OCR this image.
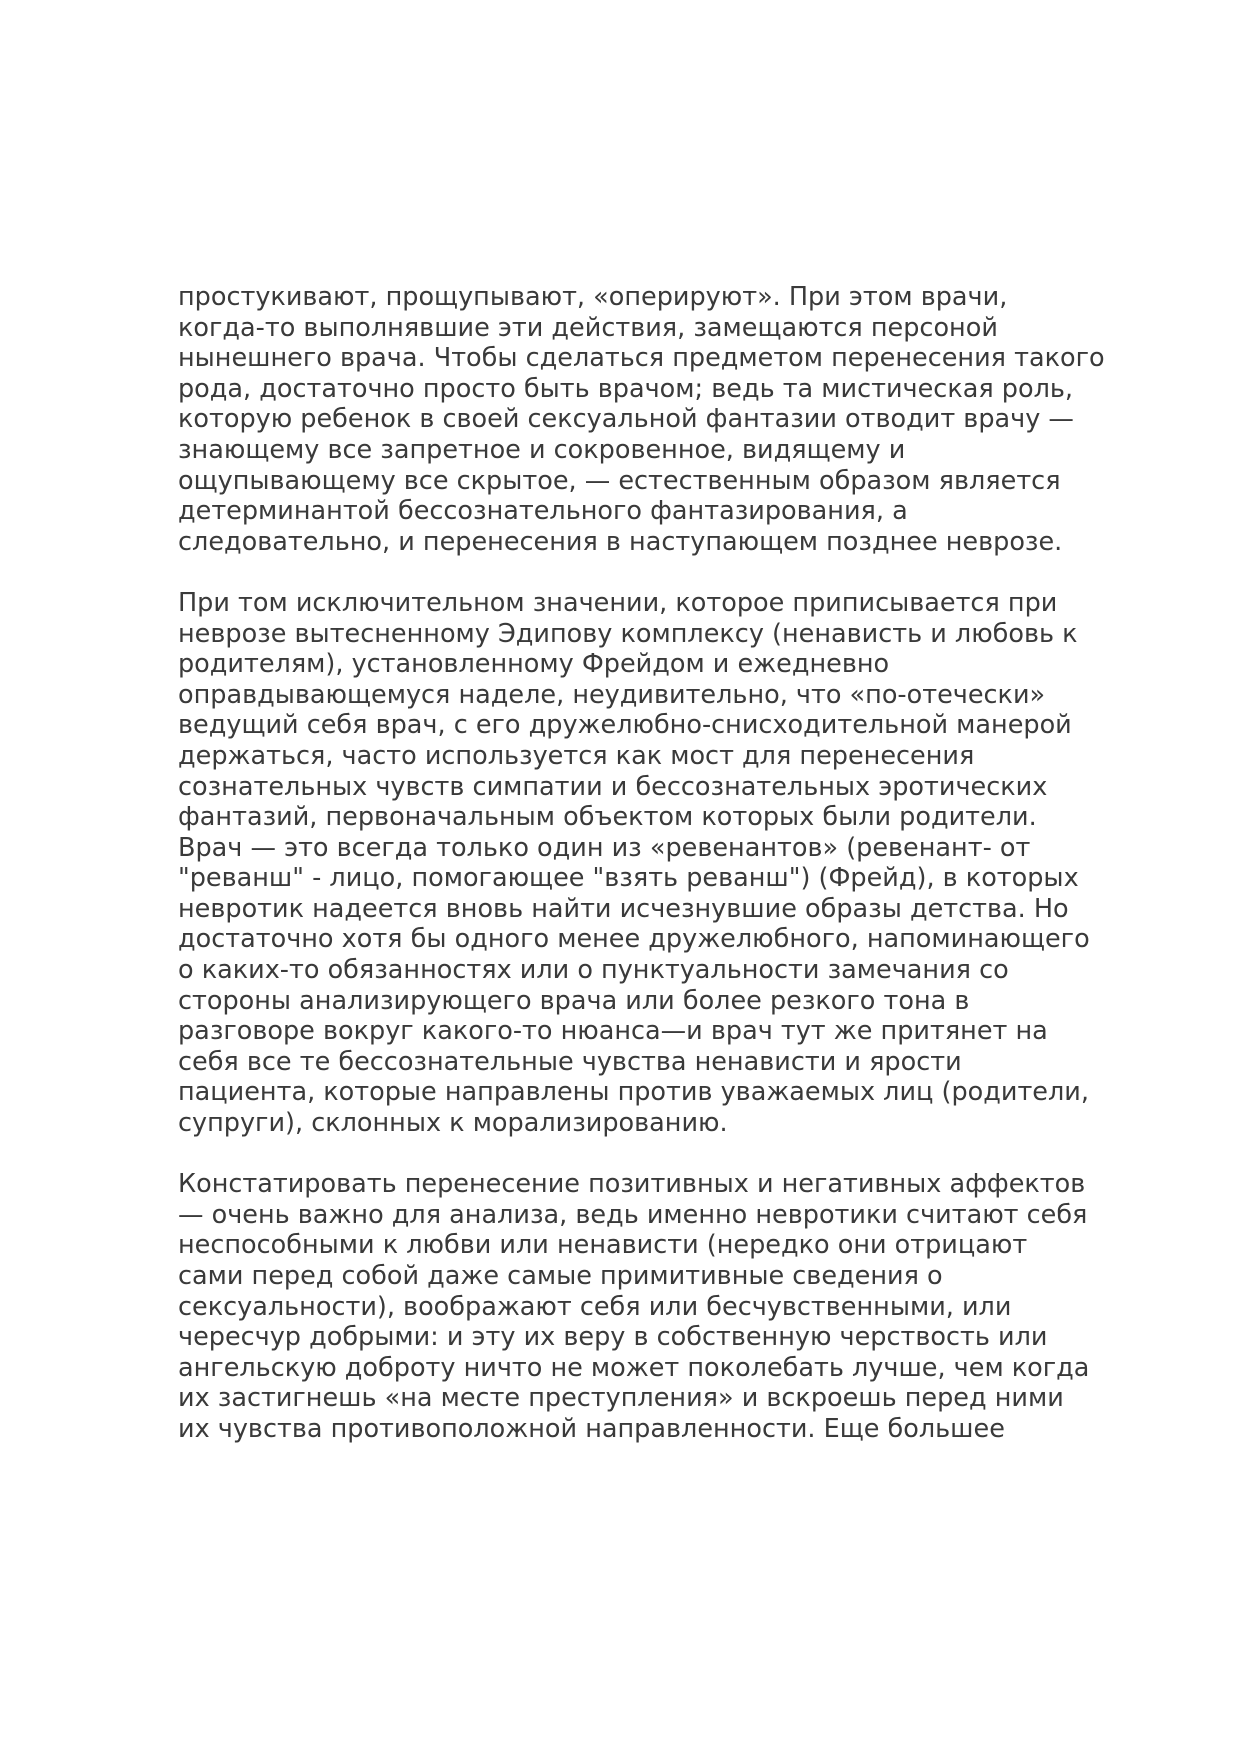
простукивают, прощупывают, «оперируют». При этом врачи,
когда-то выполнявшие эти действия, замещаются персоной
нынешнего врача. Чтобы сделаться предметом перенесения такого
рода, достаточно просто быть врачом; ведь та мистическая роль,
которую ребенок в своей сексуальной фантазии отводит врачу —
знающему все запретное и сокровенное, видящему и
ощупывающему все скрытое, — естественным образом является
детерминантой бессознательного фантазирования, а
следовательно, и перенесения в наступающем позднее неврозе.
При том исключительном значении, которое приписывается при
неврозе вытесненному Эдипову комплексу (ненависть и любовь к
родителям), установленному Фрейдом и ежедневно
оправдывающемуся наделе, неудивительно, что «по-отечески»
ведущий себя врач, с его дружелюбно-снисходительной манерой
держаться, часто используется как мост для перенесения
сознательных чувств симпатии и бессознательных эротических
фантазий, первоначальным объектом которых были родители.
Врач — это всегда только один из «ревенантов» (ревенант- от
"реванш" - лицо, помогающее "взять реванш") (Фрейд), в которых
невротик надеется вновь найти исчезнувшие образы детства. Но
достаточно хотя бы одного менее дружелюбного, напоминающего
о каких-то обязанностях или о пунктуальности замечания со
стороны анализирующего врача или более резкого тона в
разговоре вокруг какого-то нюанса—и врач тут же притянет на
себя все те бессознательные чувства ненависти и ярости
пациента, которые направлены против уважаемых лиц (родители,
супруги), склонных к морализированию.
Констатировать перенесение позитивных и негативных аффектов
— очень важно для анализа, ведь именно невротики считают себя
неспособными к любви или ненависти (нередко они отрицают
сами перед собой даже самые примитивные сведения о
сексуальности), воображают себя или бесчувственными, или
чересчур добрыми: и эту их веру в собственную черствость или
ангельскую доброту ничто не может поколебать лучше, чем когда
их застигнешь «на месте преступления» и вскроешь перед ними
их чувства противоположной направленности. Еще большее
